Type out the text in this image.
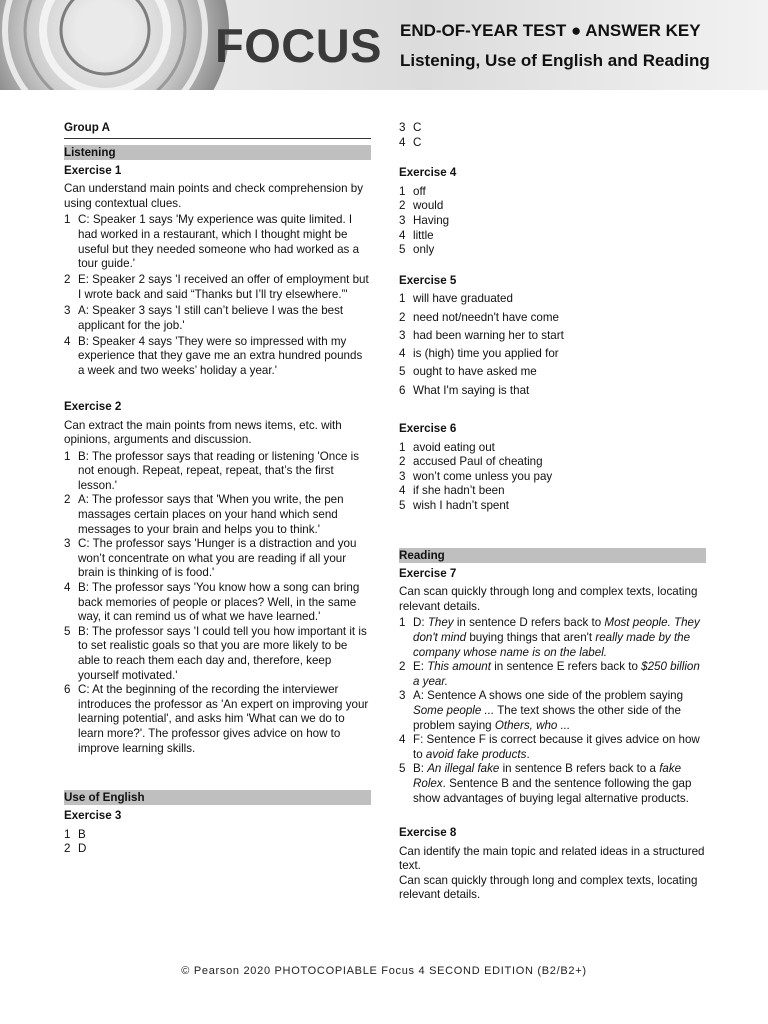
FOCUS END-OF-YEAR TEST ● ANSWER KEY
Listening, Use of English and Reading
Group A
Listening
Exercise 1

Can understand main points and check comprehension by using contextual clues.

1 C: Speaker 1 says 'My experience was quite limited. I had worked in a restaurant, which I thought might be useful but they needed someone who had worked as a tour guide.'
2 E: Speaker 2 says 'I received an offer of employment but I wrote back and said “Thanks but I’ll try elsewhere.”'
3 A: Speaker 3 says 'I still can’t believe I was the best applicant for the job.'
4 B: Speaker 4 says 'They were so impressed with my experience that they gave me an extra hundred pounds a week and two weeks’ holiday a year.'
Exercise 2

Can extract the main points from news items, etc. with opinions, arguments and discussion.

1 B: The professor says that reading or listening 'Once is not enough. Repeat, repeat, repeat, that’s the first lesson.'
2 A: The professor says that 'When you write, the pen massages certain places on your hand which send messages to your brain and helps you to think.'
3 C: The professor says 'Hunger is a distraction and you won’t concentrate on what you are reading if all your brain is thinking of is food.'
4 B: The professor says 'You know how a song can bring back memories of people or places? Well, in the same way, it can remind us of what we have learned.'
5 B: The professor says 'I could tell you how important it is to set realistic goals so that you are more likely to be able to reach them each day and, therefore, keep yourself motivated.'
6 C: At the beginning of the recording the interviewer introduces the professor as 'An expert on improving your learning potential', and asks him 'What can we do to learn more?'. The professor gives advice on how to improve learning skills.
Use of English
Exercise 3
1 B
2 D
3 C
4 C
Exercise 4
1 off
2 would
3 Having
4 little
5 only
Exercise 5
1 will have graduated
2 need not/needn't have come
3 had been warning her to start
4 is (high) time you applied for
5 ought to have asked me
6 What I'm saying is that
Exercise 6
1 avoid eating out
2 accused Paul of cheating
3 won’t come unless you pay
4 if she hadn’t been
5 wish I hadn’t spent
Reading
Exercise 7

Can scan quickly through long and complex texts, locating relevant details.

1 D: They in sentence D refers back to Most people. They don't mind buying things that aren't really made by the company whose name is on the label.
2 E: This amount in sentence E refers back to $250 billion a year.
3 A: Sentence A shows one side of the problem saying Some people ... The text shows the other side of the problem saying Others, who ...
4 F: Sentence F is correct because it gives advice on how to avoid fake products.
5 B: An illegal fake in sentence B refers back to a fake Rolex. Sentence B and the sentence following the gap show advantages of buying legal alternative products.
Exercise 8

Can identify the main topic and related ideas in a structured text.

Can scan quickly through long and complex texts, locating relevant details.

© Pearson 2020 PHOTOCOPIABLE Focus 4 SECOND EDITION (B2/B2+)
